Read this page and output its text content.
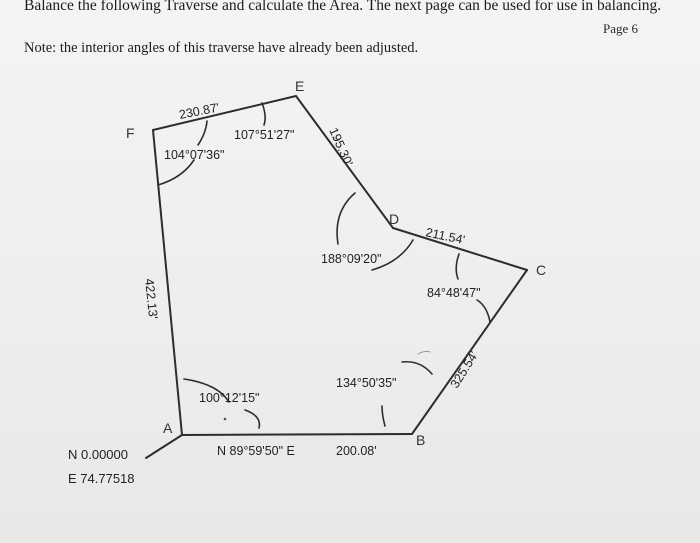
Balance the following Traverse and calculate the Area. The next page can be used for use in balancing.
Page 6
Note: the interior angles of this traverse have already been adjusted.
E
F
D
C
B
A
230.87'
195.30'
211.54'
325.54'
422.13'
200.08'
N 89°59'50" E
107°51'27"
104°07'36"
188°09'20"
84°48'47"
134°50'35"
100°12'15"
N 0.00000
E 74.77518
